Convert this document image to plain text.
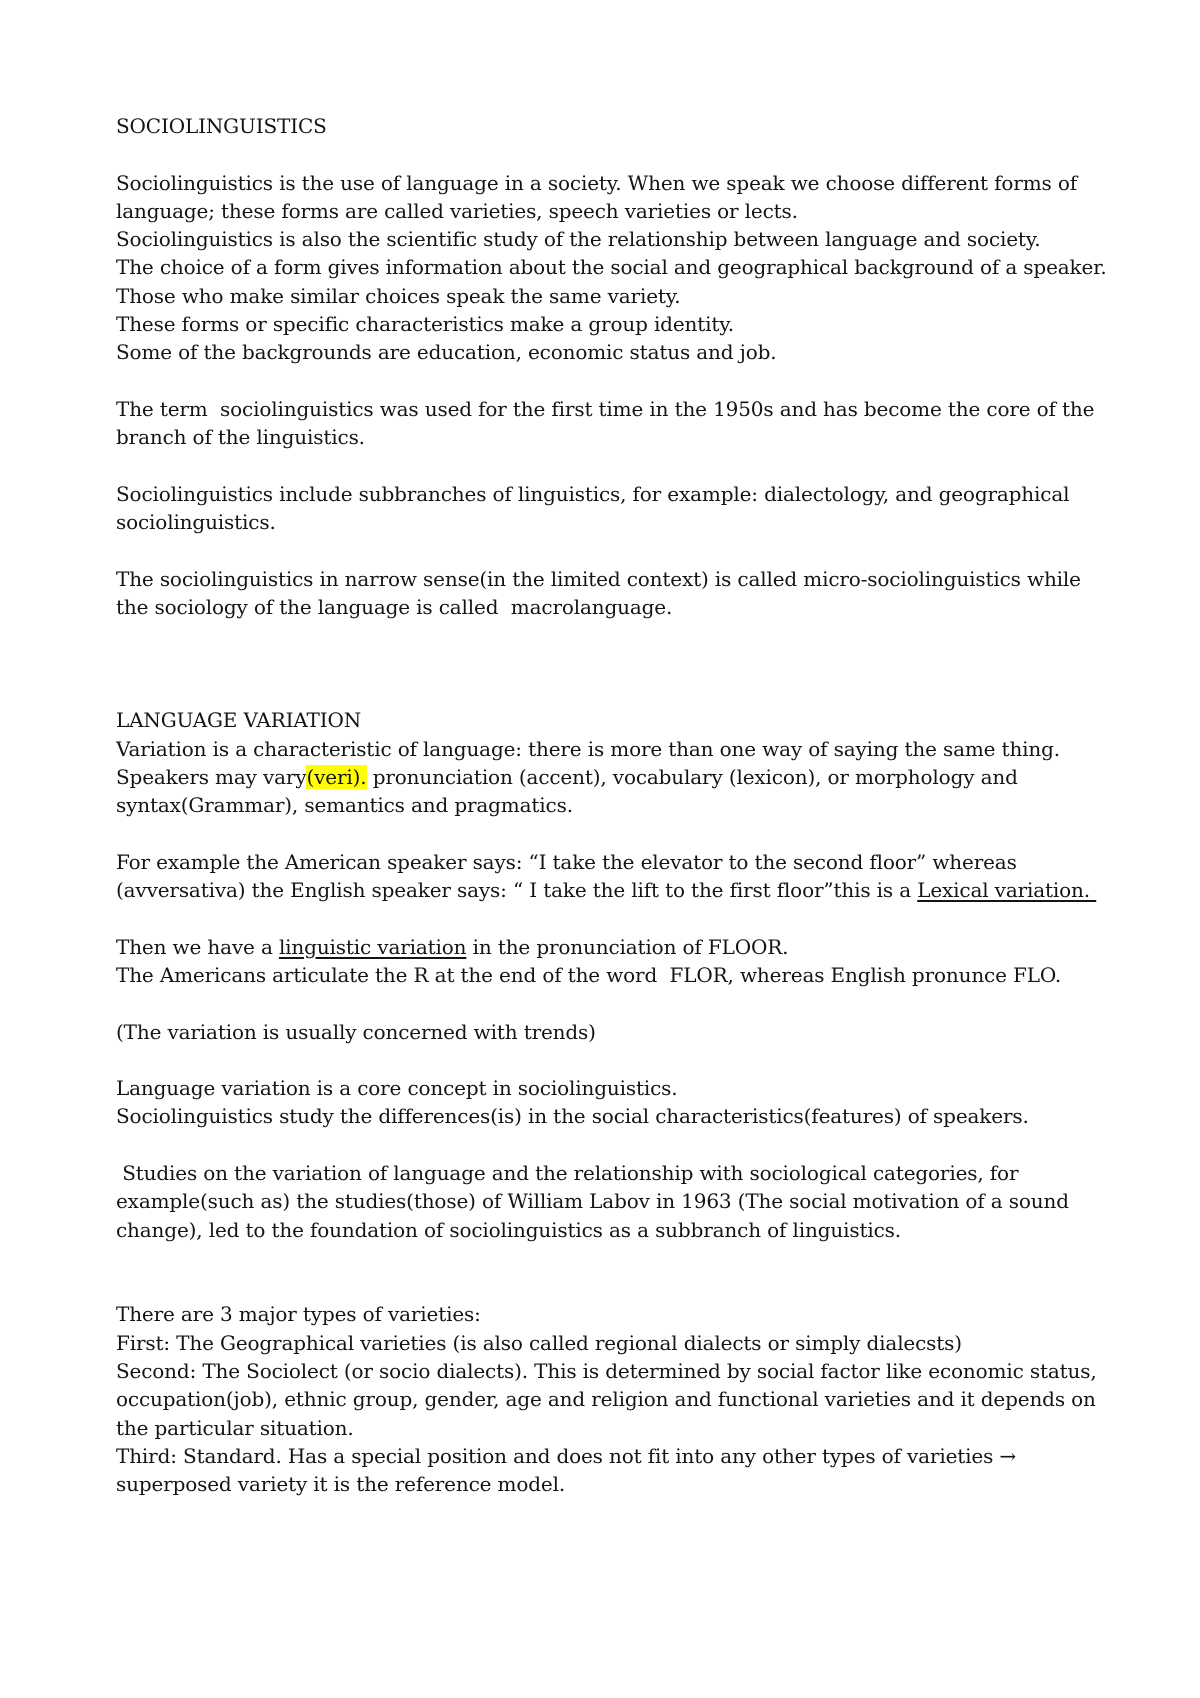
SOCIOLINGUISTICS
Sociolinguistics is the use of language in a society. When we speak we choose different forms of
language; these forms are called varieties, speech varieties or lects.
Sociolinguistics is also the scientific study of the relationship between language and society.
The choice of a form gives information about the social and geographical background of a speaker.
Those who make similar choices speak the same variety.
These forms or specific characteristics make a group identity.
Some of the backgrounds are education, economic status and job.
The term  sociolinguistics was used for the first time in the 1950s and has become the core of the
branch of the linguistics.
Sociolinguistics include subbranches of linguistics, for example: dialectology, and geographical
sociolinguistics.
The sociolinguistics in narrow sense(in the limited context) is called micro-sociolinguistics while
the sociology of the language is called  macrolanguage.
LANGUAGE VARIATION
Variation is a characteristic of language: there is more than one way of saying the same thing.
Speakers may vary(veri). pronunciation (accent), vocabulary (lexicon), or morphology and
syntax(Grammar), semantics and pragmatics.
For example the American speaker says: “I take the elevator to the second floor” whereas
(avversativa) the English speaker says: “ I take the lift to the first floor”this is a Lexical variation.
Then we have a linguistic variation in the pronunciation of FLOOR.
The Americans articulate the R at the end of the word  FLOR, whereas English pronunce FLO.
(The variation is usually concerned with trends)
Language variation is a core concept in sociolinguistics.
Sociolinguistics study the differences(is) in the social characteristics(features) of speakers.
Studies on the variation of language and the relationship with sociological categories, for
example(such as) the studies(those) of William Labov in 1963 (The social motivation of a sound
change), led to the foundation of sociolinguistics as a subbranch of linguistics.
There are 3 major types of varieties:
First: The Geographical varieties (is also called regional dialects or simply dialecsts)
Second: The Sociolect (or socio dialects). This is determined by social factor like economic status,
occupation(job), ethnic group, gender, age and religion and functional varieties and it depends on
the particular situation.
Third: Standard. Has a special position and does not fit into any other types of varieties →
superposed variety it is the reference model.
